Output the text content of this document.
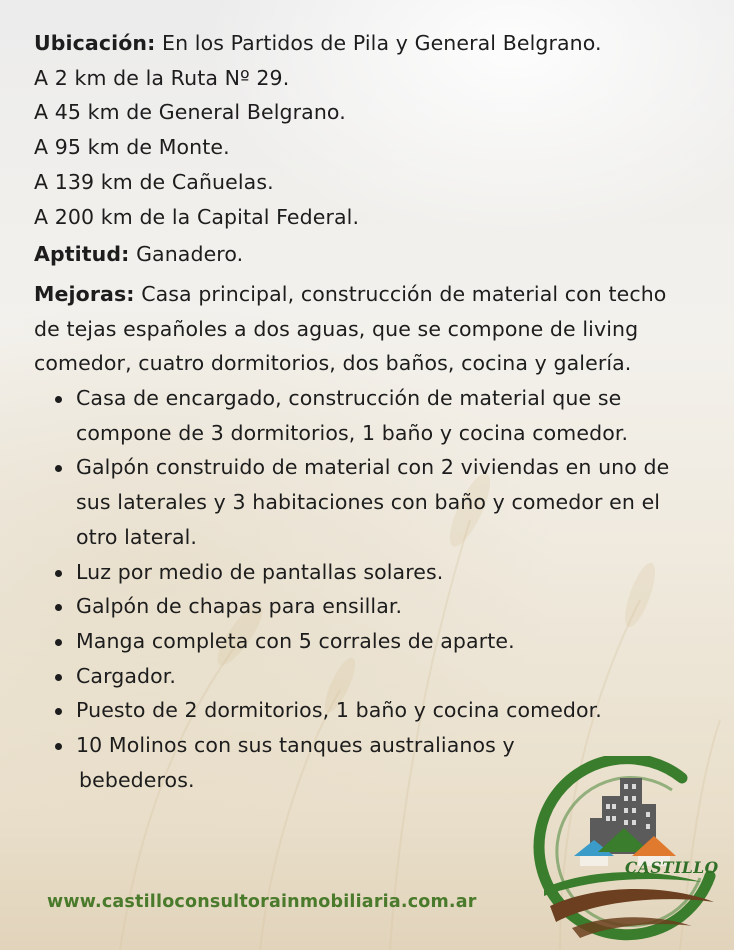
Ubicación: En los Partidos de Pila y General Belgrano.

A 2 km de la Ruta Nº 29.

A 45 km de General Belgrano.

A 95 km de Monte.

A 139 km de Cañuelas.

A 200 km de la Capital Federal.

Aptitud: Ganadero.

Mejoras: Casa principal, construcción de material con techo

de tejas españoles a dos aguas, que se compone de living

comedor, cuatro dormitorios, dos baños, cocina y galería.

Casa de encargado, construcción de material que se
compone de 3 dormitorios, 1 baño y cocina comedor.
Galpón construido de material con 2 viviendas en uno de
sus laterales y 3 habitaciones con baño y comedor en el
otro lateral.
Luz por medio de pantallas solares.
Galpón de chapas para ensillar.
Manga completa con 5 corrales de aparte.
Cargador.
Puesto de 2 dormitorios, 1 baño y cocina comedor.
10 Molinos con sus tanques australianos y

bebederos.

www.castilloconsultorainmobiliaria.com.ar
CASTILLO
